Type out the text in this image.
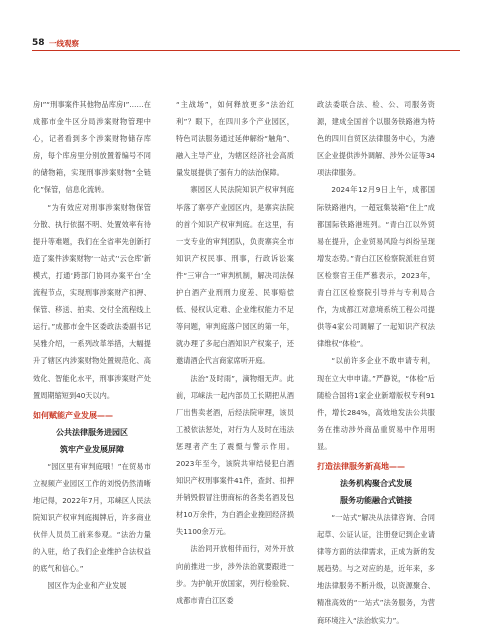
58 一线观察

房Ⅰ”“刑事案件其他物品库房Ⅰ”……在成都市金牛区分局涉案财物管理中心，记者看到多个涉案财物储存库房，每个库房里分别放置着编号不同的储物箱，实现刑事涉案财物“全链化”保管，信息化流转。

“为有效应对刑事涉案财物保管分散、执行依据不明、处置效率有待提升等难题，我们在全省率先创新打造了案件涉案财物‘一站式’‘云仓库’新模式，打通‘跨部门协同办案平台’全流程节点，实现刑事涉案财产扣押、保管、移送、拍卖、交付全流程线上运行。”成都市金牛区委政法委副书记吴雅介绍，一系列改革举措，大幅提升了辖区内涉案财物处置规范化、高效化、智能化水平，刑事涉案财产处置周期缩短到40天以内。

如何赋能产业发展——
公共法律服务进园区
筑牢产业发展屏障

“园区里有审判庭哦！”在贸易市立视频产业园区工作的刘悦仍然清晰地记得，2022年7月，邛崃区人民法院知识产权审判庭揭牌后，许多商业伙伴人员员工前来参观。“法治力量的入驻，给了我们企业维护合法权益的底气和信心。”

园区作为企业和产业发展

“主战场”，如何释放更多“法治红利”？眼下，在四川多个产业园区，特色司法服务通过延伸解纷“触角”、融入主导产业，为辖区经济社会高质量发展提供了强有力的法治保障。

寨园区人民法院知识产权审判庭毕落了寨亭产业园区内，是寨宾法院的首个知识产权审判庭。在这里，有一支专业的审判团队，负责寨宾全市知识产权民事、刑事，行政诉讼案件“三审合一”审判机制，解决司法保护白酒产业刑刑力度差、民事赔偿低、侵权认定难、企业维权能力不足等问题，审判庭落户园区的第一年，就办理了多起白酒知识产权案子，还邀请酒企代言商家席听开庭。

法治“及时雨”，滴物细无声。此前，邛崃法一起内部员工长期把从酒厂出售卖老酒，后经法院审理，该员工被依法惩处，对行为人及时在违法惩理者产生了震慑与警示作用。2023年至今，该院共审结侵犯白酒知识产权刑事案件41件，查封、扣押并销毁假冒注册商标的各类名酒及包材10万余件，为白酒企业挽回经济损失1100余万元。

法治同开放相伴而行，对外开放向前推进一步，涉外法治就要跟进一步。为护航开放国家，列行检验院、成都市青白江区委

政法委联合法、检、公、司服务资源，建成全国首个以服务铁路港为特色的四川自贸区法律服务中心，为港区企业提供涉外调解、涉外公证等34项法律服务。

2024年12月9日上午，成都国际铁路港内，一超冠集装箱“住上”成都国际铁路港班列。“青白江以外贸易在提升，企业贸易风险与纠纷呈现增发态势。”青白江区检察院派驻自贸区检察官王佳严慕表示，2023年，青白江区检察院引导并与专利局合作，为成都江对意境系统工程公司提供等4家公司调解了一起知识产权法律维权“体检”。

“以前许多企业不敢申请专利，现在立大申申请。”严静说，“体检”后随检合国将1家企业新增版权专利91件，增长284%，高效地发法公共服务在推动涉外商品重贸易中作用明显。

打造法律服务新高地——
法务机构聚合式发展
服务功能融合式链接

“一站式”解决从法律咨询、合同起草、公证认证，注册登记到企业请律等方面的法律需求，正成为新的发展趋势。与之对应的是，近年来，多地法律服务不断升级，以资源聚合、精准高效的“一站式”法务服务，为营商环境注入“法治软实力”。
